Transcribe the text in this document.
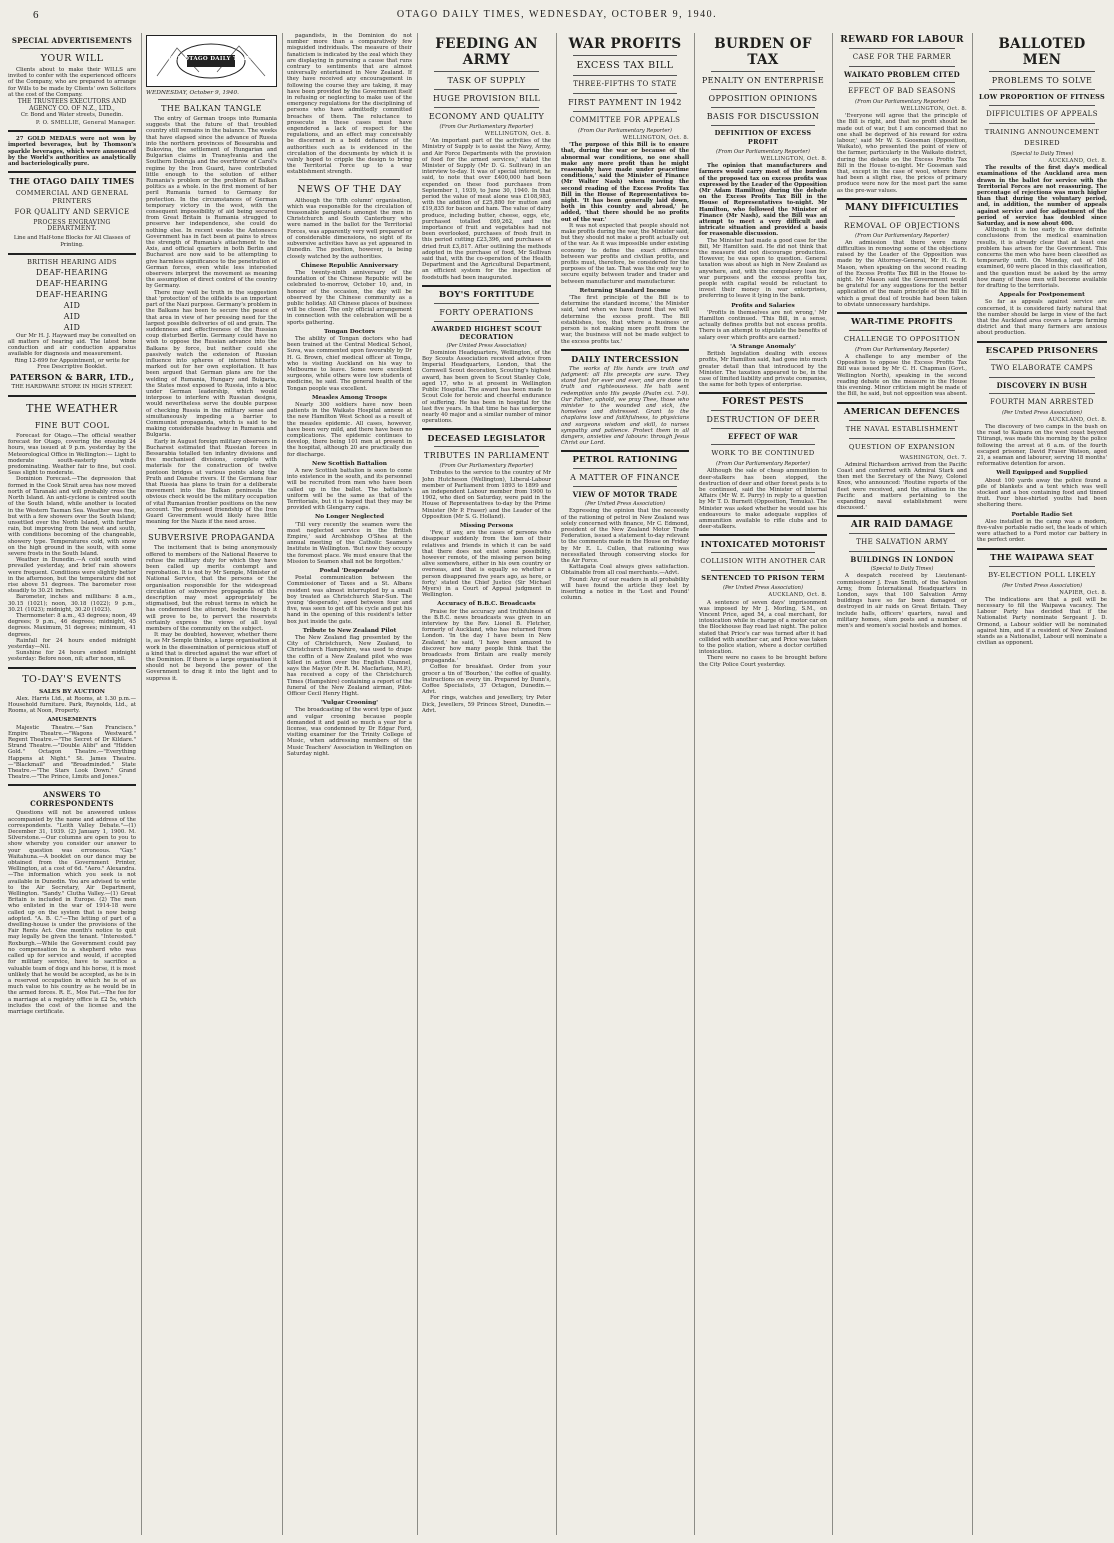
6	OTAGO DAILY TIMES, WEDNESDAY, OCTOBER 9, 1940.
SPECIAL ADVERTISEMENTS
YOUR WILL

Clients about to make their WILLS are invited to confer with the experienced officers of the Company, who are prepared to arrange for Wills to be made by Clients' own Solicitors at the cost of the Company.

THE TRUSTEES EXECUTORS AND AGENCY CO. OF N.Z., LTD.,
Cr. Bond and Water streets, Dunedin.
P. O. SMELLIE, General Manager.

27 GOLD MEDALS were not won by imported beverages, but by Thomson's sparkle beverages, which were announced by the World's authorities as analytically and bacteriologically pure.

THE OTAGO DAILY TIMES
COMMERCIAL AND GENERAL PRINTERS
FOR QUALITY AND SERVICE
PROCESS ENGRAVING DEPARTMENT.
Line and Half-tone Blocks for All Classes of Printing.
BRITISH HEARING AIDS
DEAF-HEARING
DEAF-HEARING
DEAF-HEARING
AID
AID
AID

Our Mr H. J. Hayward may be consulted on all matters of hearing aid. The latest bone conduction and air conduction apparatus available for diagnosis and measurement.

Ring 12-699 for Appointment, or write for Free Descriptive Booklet.

PATERSON & BARR, LTD.,
THE HARDWARE STORE IN HIGH STREET.
THE WEATHER
FINE BUT COOL

Forecast for Otago.—The official weather forecast for Otago, covering the ensuing 24 hours, was issued at 9 p.m. yesterday by the Meteorological Office in Wellington:— Light to moderate south-easterly winds predominating. Weather fair to fine, but cool. Seas slight to moderate.

Dominion Forecast.—The depression that formed in the Cook Strait area has now moved north of Taranaki and will probably cross the North Island. An anti-cyclone is centred south of the South Island, while another is located in the Western Tasman Sea. Weather was fine, but with a few showers over the South Island; unsettled over the North Island, with further rain, but improving from the west and south, with conditions becoming of the changeable, showery type. Temperatures cold, with snow on the high ground in the south, with some severe frosts in the South Island.

Weather in Dunedin.—A cold south wind prevailed yesterday, and brief rain showers were frequent. Conditions were slightly better in the afternoon, but the temperature did not rise above 51 degrees. The barometer rose steadily to 30.21 inches.

Barometer, inches and millibars: 8 a.m., 30.15 (1021); noon, 30.18 (1022); 9 p.m., 30.21 (1023); midnight, 30.20 (1023).

Thermometer: 8 a.m., 43 degrees; noon, 49 degrees; 9 p.m., 46 degrees; midnight, 45 degrees. Maximum, 51 degrees; minimum, 41 degrees.

Rainfall for 24 hours ended midnight yesterday—Nil.

Sunshine for 24 hours ended midnight yesterday: Before noon, nil; after noon, nil.

TO-DAY'S EVENTS
SALES BY AUCTION

Alex. Harris Ltd., at Rooms, at 1.30 p.m.—Household furniture. Park, Reynolds, Ltd., at Rooms, at Noon, Property.

AMUSEMENTS

Majestic Theatre.—"San Francisco." Empire Theatre.—"Wagons Westward." Regent Theatre.—"The Secret of Dr Kildare." Strand Theatre.—"Double Alibi" and "Hidden Gold." Octagon Theatre.—"Everything Happens at Night." St. James Theatre.—"Blackmail" and "Broadminded." State Theatre.—"The Stars Look Down." Grand Theatre.—"The Prince, Limits and Jones."

ANSWERS TO CORRESPONDENTS

Questions will not be answered unless accompanied by the name and address of the correspondents. "Leith Valley Debate."—(1) December 31, 1939. (2) January 1, 1900. M. Silverstone.—Our columns are open to you to show whereby you consider our answer to your question was erroneous. "Gay." Waitahuna.—A booklet on our dance may be obtained from the Government Printer, Wellington, at a cost of 6d. "Aero." Alexandra.—The information which you seek is not available in Dunedin. You are advised to write to the Air Secretary, Air Department, Wellington. "Sandy." Clutha Valley.—(1) Great Britain is included in Europe. (2) The men who enlisted in the war of 1914-18 were called up on the system that is now being adopted. "A. B. C."—The letting of part of a dwelling-house is under the provisions of the Fair Rents Act. One month's notice to quit may legally be given the tenant. "Interested." Roxburgh.—While the Government could pay no compensation to a shepherd who was called up for service and would, if accepted for military service, have to sacrifice a valuable team of dogs and his horse, it is most unlikely that he would be accepted, as he is in a reserved occupation in which he is of as much value to his country as he would be in the armed forces. R. E., Mos Fat.—The fee for a marriage at a registry office is £2 5s, which includes the cost of the license and the marriage certificate.

THE OTAGO DAILY TIMES
WEDNESDAY, October 9, 1940.
THE BALKAN TANGLE

The entry of German troops into Rumania suggests that the future of that troubled country still remains in the balance. The weeks that have elapsed since the advance of Russia into the northern provinces of Bessarabia and Bukovina, the settlement of Hungarian and Bulgarian claims in Transylvania and the Southern Dobruja and the overthrow of Carol's regime by the Iron Guard, have contributed little enough to the solution of either Rumania's problem or the problem of Balkan politics as a whole. In the first moment of her peril Rumania turned to Germany for protection. In the circumstances of German temporary victory in the west, with the consequent impossibility of aid being secured from Great Britain is Rumania strugged to preserve her independence, she could do nothing else. In recent weeks the Antonescu Government has in fact been at pains to stress the strength of Rumania's attachment to the Axis, and official quarters in both Berlin and Bucharest are now said to be attempting to give harmless significance to the penetration of German forces, even while less interested observers interpret the movement as meaning the assumption of direct control of the country by Germany.

There may well be truth in the suggestion that 'protection' of the oilfields is an important part of the Nazi purpose. Germany's problem in the Balkans has been to secure the peace of that area in view of her pressing need for the largest possible deliveries of oil and grain. The suddenness and effectiveness of the Russian coup disturbed Berlin. Germany could have no wish to oppose the Russian advance into the Balkans by force, but neither could she passively watch the extension of Russian influence into spheres of interest hitherto marked out for her own exploitation. It has been argued that German plans are for the welding of Rumania, Hungary and Bulgaria, the States most exposed to Russia, into a bloc under German leadership, which would interpose to interfere with Russian designs, would nevertheless serve the double purpose of checking Russia in the military sense and simultaneously impeding a barrier to Communist propaganda, which is said to be making considerable headway in Rumania and Bulgaria.

Early in August foreign military observers in Bucharest estimated that Russian forces in Bessarabia totalled ten infantry divisions and five mechanised divisions, complete with materials for the construction of twelve pontoon bridges at various points along the Pruth and Danube rivers. If the Germans fear that Russia has plans to train for a deliberate movement into the Balkan peninsula the obvious check would be the military occupation of vital Rumanian frontier positions on the new account. The professed friendship of the Iron Guard Government would likely have little meaning for the Nazis if the need arose.

SUBVERSIVE PROPAGANDA

The incitement that is being anonymously offered to members of the National Reserve to refuse the military duty for which they have been called up merits contempt and reprobation. It is not by Mr Semple, Minister of National Service, that the persons or the organisation responsible for the widespread circulation of subversive propaganda of this description may most appropriately be stigmatised, but the robust terms in which he has condemned the attempt, feeble though it will prove to be, to pervert the reservists certainly express the views of all loyal members of the community on the subject.

It may be doubted, however, whether there is, as Mr Semple thinks, a large organisation at work in the dissemination of pernicious stuff of a kind that is directed against the war effort of the Dominion. If there is a large organisation it should not be beyond the power of the Government to drag it into the light and to suppress it.

pagandists, in the Dominion do not number more than a comparatively few misguided individuals. The measure of their fanaticism is indicated by the zeal which they are displaying in pursuing a cause that runs contrary to sentiments that are almost universally entertained in New Zealand. If they have received any encouragement in following the course they are taking, it may have been provided by the Government itself in refusing or neglecting to make use of the emergency regulations for the disciplining of persons who have admittedly committed breaches of them. The reluctance to prosecute in these cases must have engendered a lack of respect for the regulations, and an effect may conceivably be discerned in a bold defiance of the authorities such as is evidenced in the circulation of the documents by which it is vainly hoped to cripple the design to bring the Territorial Force up to a war establishment strength.

NEWS OF THE DAY

Although the 'fifth column' organisation, which was responsible for the circulation of treasonable pamphlets amongst the men in Christchurch and South Canterbury who were named in the ballot for the Territorial Forces, was apparently very well prepared or of considerable dimensions, no sight of its subversive activities have as yet appeared in Dunedin. The position, however, is being closely watched by the authorities.

Chinese Republic Anniversary

The twenty-ninth anniversary of the foundation of the Chinese Republic will be celebrated to-morrow, October 10, and, in honour of the occasion, the day will be observed by the Chinese community as a public holiday. All Chinese places of business will be closed. The only official arrangement in connection with the celebration will be a sports gathering.

Tongan Doctors

The ability of Tongan doctors who had been trained at the Central Medical School, Suva, was commented upon favourably by Dr H. G. Brown, chief medical officer at Tonga, who is visiting Auckland on his way to Melbourne to leave. Some were excellent surgeons, while others were low students of medicine, he said. The general health of the Tongan people was excellent.

Measles Among Troops

Nearly 300 soldiers have now been patients in the Waikato Hospital annexe at the new Hamilton West School as a result of the measles epidemic. All cases, however, have been very mild, and there have been no complications. The epidemic continues to develop, there being 101 men at present in the hospital, although 20 are practically due for discharge.

New Scottish Battalion

A new Scottish battalion is soon to come into existence in the south, and its personnel will be recruited from men who have been called up in the ballot. The battalion's uniform will be the same as that of the Territorials, but it is hoped that they may be provided with Glengarry caps.

No Longer Neglected

'Till very recently the seamen were the most neglected service in the British Empire,' said Archbishop O'Shea at the annual meeting of the Catholic Seamen's Institute in Wellington. 'But now they occupy the foremost place. We must ensure that the Mission to Seamen shall not be forgotten.'

Postal 'Desperado'

Postal communication between the Commissioner of Taxes and a St. Albans resident was almost interrupted by a small boy treated as Christchurch Star-Sun. The young 'desperado,' aged between four and five, was seen to get off his cycle and put his hand in the opening of this resident's letter box just inside the gate.

Tribute to New Zealand Pilot

The New Zealand flag presented by the City of Christchurch, New Zealand, to Christchurch Hampshire, was used to drape the coffin of a New Zealand pilot who was killed in action over the English Channel, says the Mayor (Mr R. M. Macfarlane, M.P.), has received a copy of the Christchurch Times (Hampshire) containing a report of the funeral of the New Zealand airman, Pilot-Officer Cecil Henry Hight.

'Vulgar Crooning'

The broadcasting of the worst type of jazz and vulgar crooning because people demanded it and paid so much a year for a license, was condemned by Dr Edgar Ford, visiting examiner for the Trinity College of Music, when addressing members of the Music Teachers' Association in Wellington on Saturday night.

FEEDING AN ARMY
TASK OF SUPPLY
HUGE PROVISION BILL
ECONOMY AND QUALITY
(From Our Parliamentary Reporter)
WELLINGTON, Oct. 8.

'An important part of the activities of the Ministry of Supply is to assist the Navy, Army, and Air Force Departments with the provision of food for the armed services,' stated the Minister of Supply (Mr D. G. Sullivan) in an interview to-day. It was of special interest, he said, to note that over £400,000 had been expended on these food purchases from September 1, 1939, to June 30, 1940. In that period the value of meat alone was £108,983, with the addition of £25,880 for mutton and £19,835 for bacon and ham. The value of dairy produce, including butter, cheese, eggs, etc, purchased totalled £69,262, and the importance of fruit and vegetables had not been overlooked, purchases of fresh fruit in this period cutting £23,396, and purchases of dried fruit £3,817. After outlining the methods adopted in the purchase of food, Mr Sullivan said that, with the co-operation of the Health Department and the Agricultural Department, an efficient system for the inspection of foodstuffs had been inaugurated.

BOY'S FORTITUDE
FORTY OPERATIONS
AWARDED HIGHEST SCOUT DECORATION
(Per United Press Association)

Dominion Headquarters, Wellington, of the Boy Scouts Association received advice from Imperial Headquarters, London, that the Cornwell Scout decoration, Scouting's highest award, has been given to Scout Stanley Cole, aged 17, who is at present in Wellington Public Hospital. The award has been made to Scout Cole for heroic and cheerful endurance of suffering. He has been in hospital for the last five years. In that time he has undergone nearly 40 major and a similar number of minor operations.

DECEASED LEGISLATOR
TRIBUTES IN PARLIAMENT
(From Our Parliamentary Reporter)

Tributes to the service to the country of Mr John Hutcheson (Wellington), Liberal-Labour member of Parliament from 1893 to 1899 and an independent Labour member from 1900 to 1902, who died on Saturday, were paid in the House of Representatives to-day by the Prime Minister (Mr P. Fraser) and the Leader of the Opposition (Mr S. G. Holland).

Missing Persons

'Few, if any, are the cases of persons who disappear suddenly from the ken of their relatives and friends in which it can be said that there does not exist some possibility, however remote, of the missing person being alive somewhere, either in his own country or overseas, and that is equally so whether a person disappeared five years ago, as here, or forty,' stated the Chief Justice (Sir Michael Myers) in a Court of Appeal judgment in Wellington.

Accuracy of B.B.C. Broadcasts

Praise for the accuracy and truthfulness of the B.B.C. news broadcasts was given in an interview by the Rev. Lionel B. Fletcher, formerly of Auckland, who has returned from London. 'In the day I have been in New Zealand,' he said, 'I have been amazed to discover how many people think that the broadcasts from Britain are really merely propaganda.'

Coffee for breakfast. Order from your grocer a tin of 'Bourbon,' the coffee of quality. Instructions on every tin. Prepared by Dunn's, Coffee Specialists, 37 Octagon, Dunedin.—Advt.

For rings, watches and jewellery, try Peter Dick, Jewellers, 59 Princes Street, Dunedin.—Advt.

WAR PROFITS
EXCESS TAX BILL
THREE-FIFTHS TO STATE
FIRST PAYMENT IN 1942
COMMITTEE FOR APPEALS
(From Our Parliamentary Reporter)
WELLINGTON, Oct. 8.

'The purpose of this Bill is to ensure that, during the war or because of the abnormal war conditions, no one shall make any more profit than he might reasonably have made under peacetime conditions,' said the Minister of Finance (Mr Walter Nash) when moving the second reading of the Excess Profits Tax Bill in the House of Representatives to-night. 'It has been generally laid down, both in this country and abroad,' he added, 'that there should be no profits out of the war.'

It was not expected that people should not make profits during the war, the Minister said, but they should not make a profit actually out of the war. As it was impossible under existing economy to define the exact difference between war profits and civilian profits, and profits must, therefore, be considered for the purposes of the tax. That was the only way to secure equity between trader and trader and between manufacturer and manufacturer.

Returning Standard Income

'The first principle of the Bill is to determine the standard income,' the Minister said, 'and when we have found that we will determine the excess profit. The Bill establishes, too, that where a business or person is not making more profit from the war, the business will not be made subject to the excess profits tax.'

DAILY INTERCESSION

The works of His hands are truth and judgment: all His precepts are sure. They stand fast for ever and ever, and are done in truth and righteousness. He hath sent redemption unto His people (Psalm cxi. 7-9). Our Father, uphold, we pray Thee, those who minister to the wounded and sick, the homeless and distressed. Grant to the chaplains love and faithfulness, to physicians and surgeons wisdom and skill, to nurses sympathy and patience. Protect them in all dangers, anxieties and labours: through Jesus Christ our Lord.

PETROL RATIONING
A MATTER OF FINANCE
VIEW OF MOTOR TRADE
(Per United Press Association)

Expressing the opinion that the necessity of the rationing of petrol in New Zealand was solely concerned with finance, Mr C. Edmond, president of the New Zealand Motor Trade Federation, issued a statement to-day relevant to the comments made in the House on Friday by Mr E. L. Cullen, that rationing was necessitated through conserving stocks for the Air Force.

Kattagata Coal always gives satisfaction. Obtainable from all coal merchants.—Advt.

Found: Any of our readers in all probability will have found the article they lost by inserting a notice in the 'Lost and Found' column.

BURDEN OF TAX
PENALTY ON ENTERPRISE
OPPOSITION OPINIONS
BASIS FOR DISCUSSION
DEFINITION OF EXCESS PROFIT
(From Our Parliamentary Reporter)
WELLINGTON, Oct. 8.

The opinion that manufacturers and farmers would carry most of the burden of the proposed tax on excess profits was expressed by the Leader of the Opposition (Mr Adam Hamilton) during the debate on the Excess Profits Tax Bill in the House of Representatives to-night. Mr Hamilton, who followed the Minister of Finance (Mr Nash), said the Bill was an attempt to meet a very difficult and intricate situation and provided a basis for reasonable discussion.

The Minister had made a good case for the Bill, Mr Hamilton said. He did not think that the measure did not discourage production. However, he was open to question. General taxation was about as high in New Zealand as anywhere, and, with the compulsory loan for war purposes and the excess profits tax, people with capital would be reluctant to invest their money in war enterprises, preferring to leave it lying in the bank.

Profits and Salaries

'Profits in themselves are not wrong,' Mr Hamilton continued. 'This Bill, in a sense, actually defines profits but not excess profits. There is an attempt to stipulate the benefits of salary over which profits are earned.'

'A Strange Anomaly'

British legislation dealing with excess profits, Mr Hamilton said, had gone into much greater detail than that introduced by the Minister. The taxation appeared to be, in the case of limited liability and private companies, the same for both types of enterprise.

FOREST PESTS
DESTRUCTION OF DEER
EFFECT OF WAR
WORK TO BE CONTINUED
(From Our Parliamentary Reporter)

Although the sale of cheap ammunition to deer-stalkers has been stopped, the destruction of deer and other forest pests is to be continued, said the Minister of Internal Affairs (Mr W. E. Parry) in reply to a question by Mr T. D. Burnett (Opposition, Temuka). The Minister was asked whether he would use his endeavours to make adequate supplies of ammunition available to rifle clubs and to deer-stalkers.

INTOXICATED MOTORIST
COLLISION WITH ANOTHER CAR
SENTENCED TO PRISON TERM
(Per United Press Association)
AUCKLAND, Oct. 8.

A sentence of seven days' imprisonment was imposed by Mr J. Morling, S.M., on Vincent Price, aged 54, a coal merchant, for intoxication while in charge of a motor car on the Blockhouse Bay road last night. The police stated that Price's car was turned after it had collided with another car, and Price was taken to the police station, where a doctor certified intoxication.

There were no cases to be brought before the City Police Court yesterday.

REWARD FOR LABOUR
CASE FOR THE FARMER
WAIKATO PROBLEM CITED
EFFECT OF BAD SEASONS
(From Our Parliamentary Reporter)
WELLINGTON, Oct. 8.

'Everyone will agree that the principle of the Bill is right, and that no profit should be made out of war, but I am concerned that no one shall be deprived of his reward for extra labour,' said Mr W. S. Goosman (Opposition, Waikato), who presented the point of view of the farmer, particularly in the Waikato district, during the debate on the Excess Profits Tax Bill in the House to-night. Mr Goosman said that, except in the case of wool, where there had been a slight rise, the prices of primary produce were now for the most part the same as the pre-war values.

MANY DIFFICULTIES
REMOVAL OF OBJECTIONS
(From Our Parliamentary Reporter)

An admission that there were many difficulties in removing some of the objections raised by the Leader of the Opposition was made by the Attorney-General, Mr H. G. R. Mason, when speaking on the second reading of the Excess Profits Tax Bill in the House to-night. Mr Mason said the Government would be grateful for any suggestions for the better application of the main principle of the Bill in which a great deal of trouble had been taken to obviate unnecessary hardships.

WAR-TIME PROFITS
CHALLENGE TO OPPOSITION
(From Our Parliamentary Reporter)

A challenge to any member of the Opposition to oppose the Excess Profits Tax Bill was issued by Mr C. H. Chapman (Govt., Wellington North), speaking in the second reading debate on the measure in the House this evening. Minor criticism might be made of the Bill, he said, but not opposition was absent.

AMERICAN DEFENCES
THE NAVAL ESTABLISHMENT
QUESTION OF EXPANSION
WASHINGTON, Oct. 7.

Admiral Richardson arrived from the Pacific Coast and conferred with Admiral Stark and then met the Secretary of the Navy, Colonel Knox, who announced: 'Routine reports of the fleet were received, and the situation in the Pacific and matters pertaining to the expanding naval establishment were discussed.'

AIR RAID DAMAGE
THE SALVATION ARMY
BUILDINGS IN LONDON
(Special to Daily Times)

A despatch received by Lieutenant-commissioner J. Evan Smith, of the Salvation Army, from International Headquarters in London, says that 100 Salvation Army buildings have so far been damaged or destroyed in air raids on Great Britain. They include halls, officers' quarters, naval and military homes, slum posts and a number of men's and women's social hostels and homes.

BALLOTED MEN
PROBLEMS TO SOLVE
LOW PROPORTION OF FITNESS
DIFFICULTIES OF APPEALS
TRAINING ANNOUNCEMENT DESIRED
(Special to Daily Times)
AUCKLAND, Oct. 8.

The results of the first day's medical examinations of the Auckland area men drawn in the ballot for service with the Territorial Forces are not reassuring. The percentage of rejections was much higher than that during the voluntary period, and, in addition, the number of appeals against service and for adjustment of the period of service has doubled since Saturday, and is now about 400.

Although it is too early to draw definite conclusions from the medical examination results, it is already clear that at least one problem has arisen for the Government. This concerns the men who have been classified as temporarily unfit. On Monday, out of 168 examined, 60 were placed in this classification, and the question must be asked by the army how many of these men will become available for drafting to the territorials.

Appeals for Postponement

So far as appeals against service are concerned, it is considered fairly natural that the number should be large in view of the fact that the Auckland area covers a large farming district and that many farmers are anxious about production.

ESCAPED PRISONERS
TWO ELABORATE CAMPS
DISCOVERY IN BUSH
FOURTH MAN ARRESTED
(Per United Press Association)
AUCKLAND, Oct. 8.

The discovery of two camps in the bush on the road to Kaipara on the west coast beyond Titirangi, was made this morning by the police following the arrest at 6 a.m. of the fourth escaped prisoner, David Fraser Watson, aged 21, a seaman and labourer, serving 18 months' reformative detention for arson.

Well Equipped and Supplied

About 100 yards away the police found a pile of blankets and a tent which was well stocked and a box containing food and tinned fruit. Four blue-shirted youths had been sheltering there.

Portable Radio Set

Also installed in the camp was a modern, five-valve portable radio set, the leads of which were attached to a Ford motor car battery in the perfect order.

THE WAIPAWA SEAT
BY-ELECTION POLL LIKELY
(Per United Press Association)
NAPIER, Oct. 8.

The indications are that a poll will be necessary to fill the Waipawa vacancy. The Labour Party has decided that if the Nationalist Party nominate Sergeant J. D. Ormond, a Labour soldier will be nominated against him, and if a resident of New Zealand stands as a Nationalist, Labour will nominate a civilian as opponent.
